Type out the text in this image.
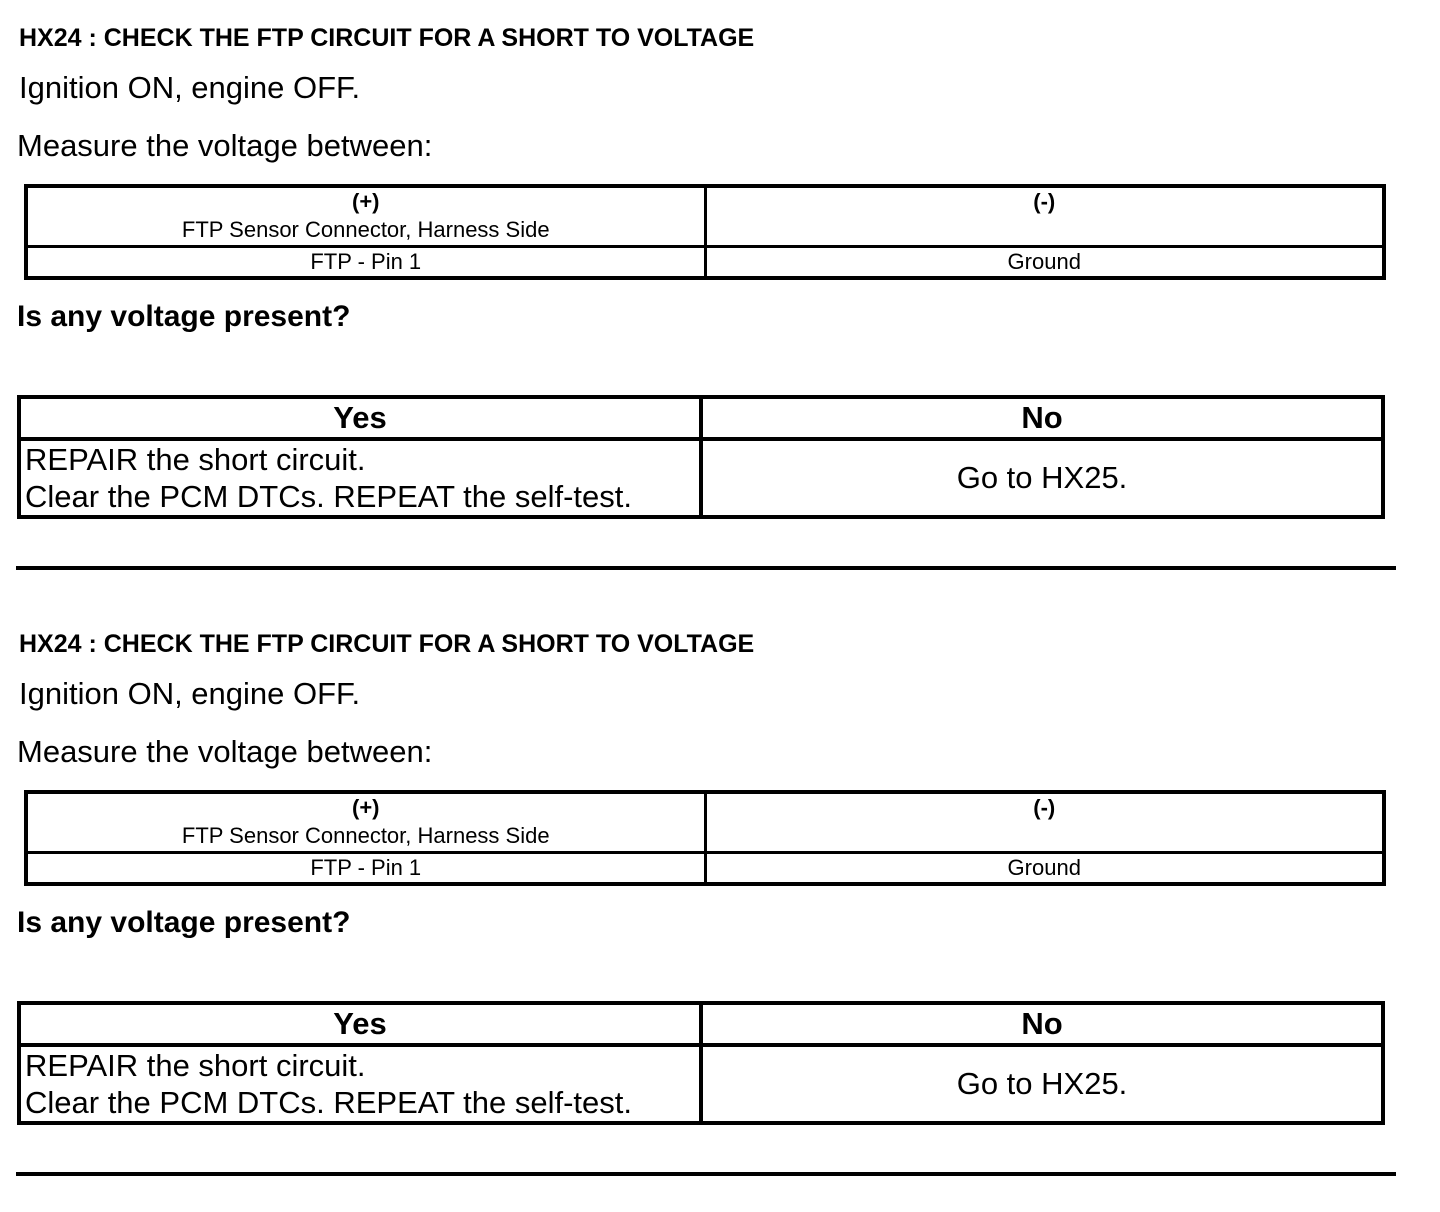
HX24 : CHECK THE FTP CIRCUIT FOR A SHORT TO VOLTAGE
Ignition ON, engine OFF.
Measure the voltage between:
(+)
FTP Sensor Connector, Harness Side	(-)

FTP - Pin 1	Ground
Is any voltage present?
Yes	No

REPAIR the short circuit.
Clear the PCM DTCs. REPEAT the self-test.	Go to HX25.
HX24 : CHECK THE FTP CIRCUIT FOR A SHORT TO VOLTAGE
Ignition ON, engine OFF.
Measure the voltage between:
(+)
FTP Sensor Connector, Harness Side	(-)

FTP - Pin 1	Ground
Is any voltage present?
Yes	No

REPAIR the short circuit.
Clear the PCM DTCs. REPEAT the self-test.	Go to HX25.
